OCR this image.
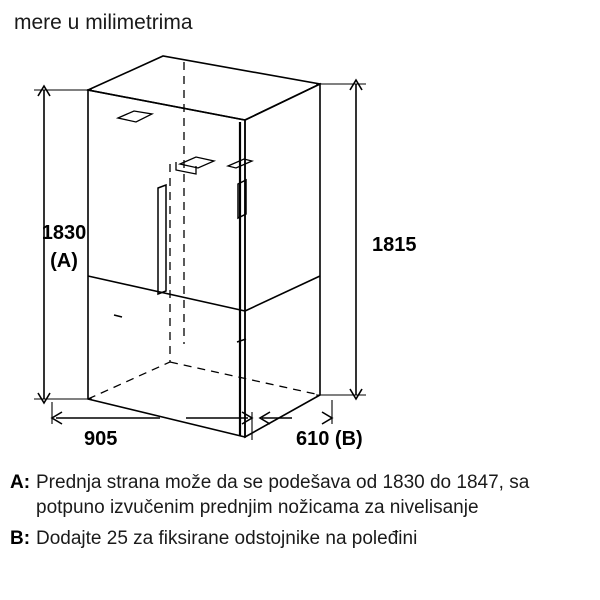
mere u milimetrima
1830
(A)
1815
905	610 (B)
A: Prednja strana može da se podešava od 1830 do 1847, sa potpuno izvučenim prednjim nožicama za nivelisanje
B: Dodajte 25 za fiksirane odstojnike na poleđini
